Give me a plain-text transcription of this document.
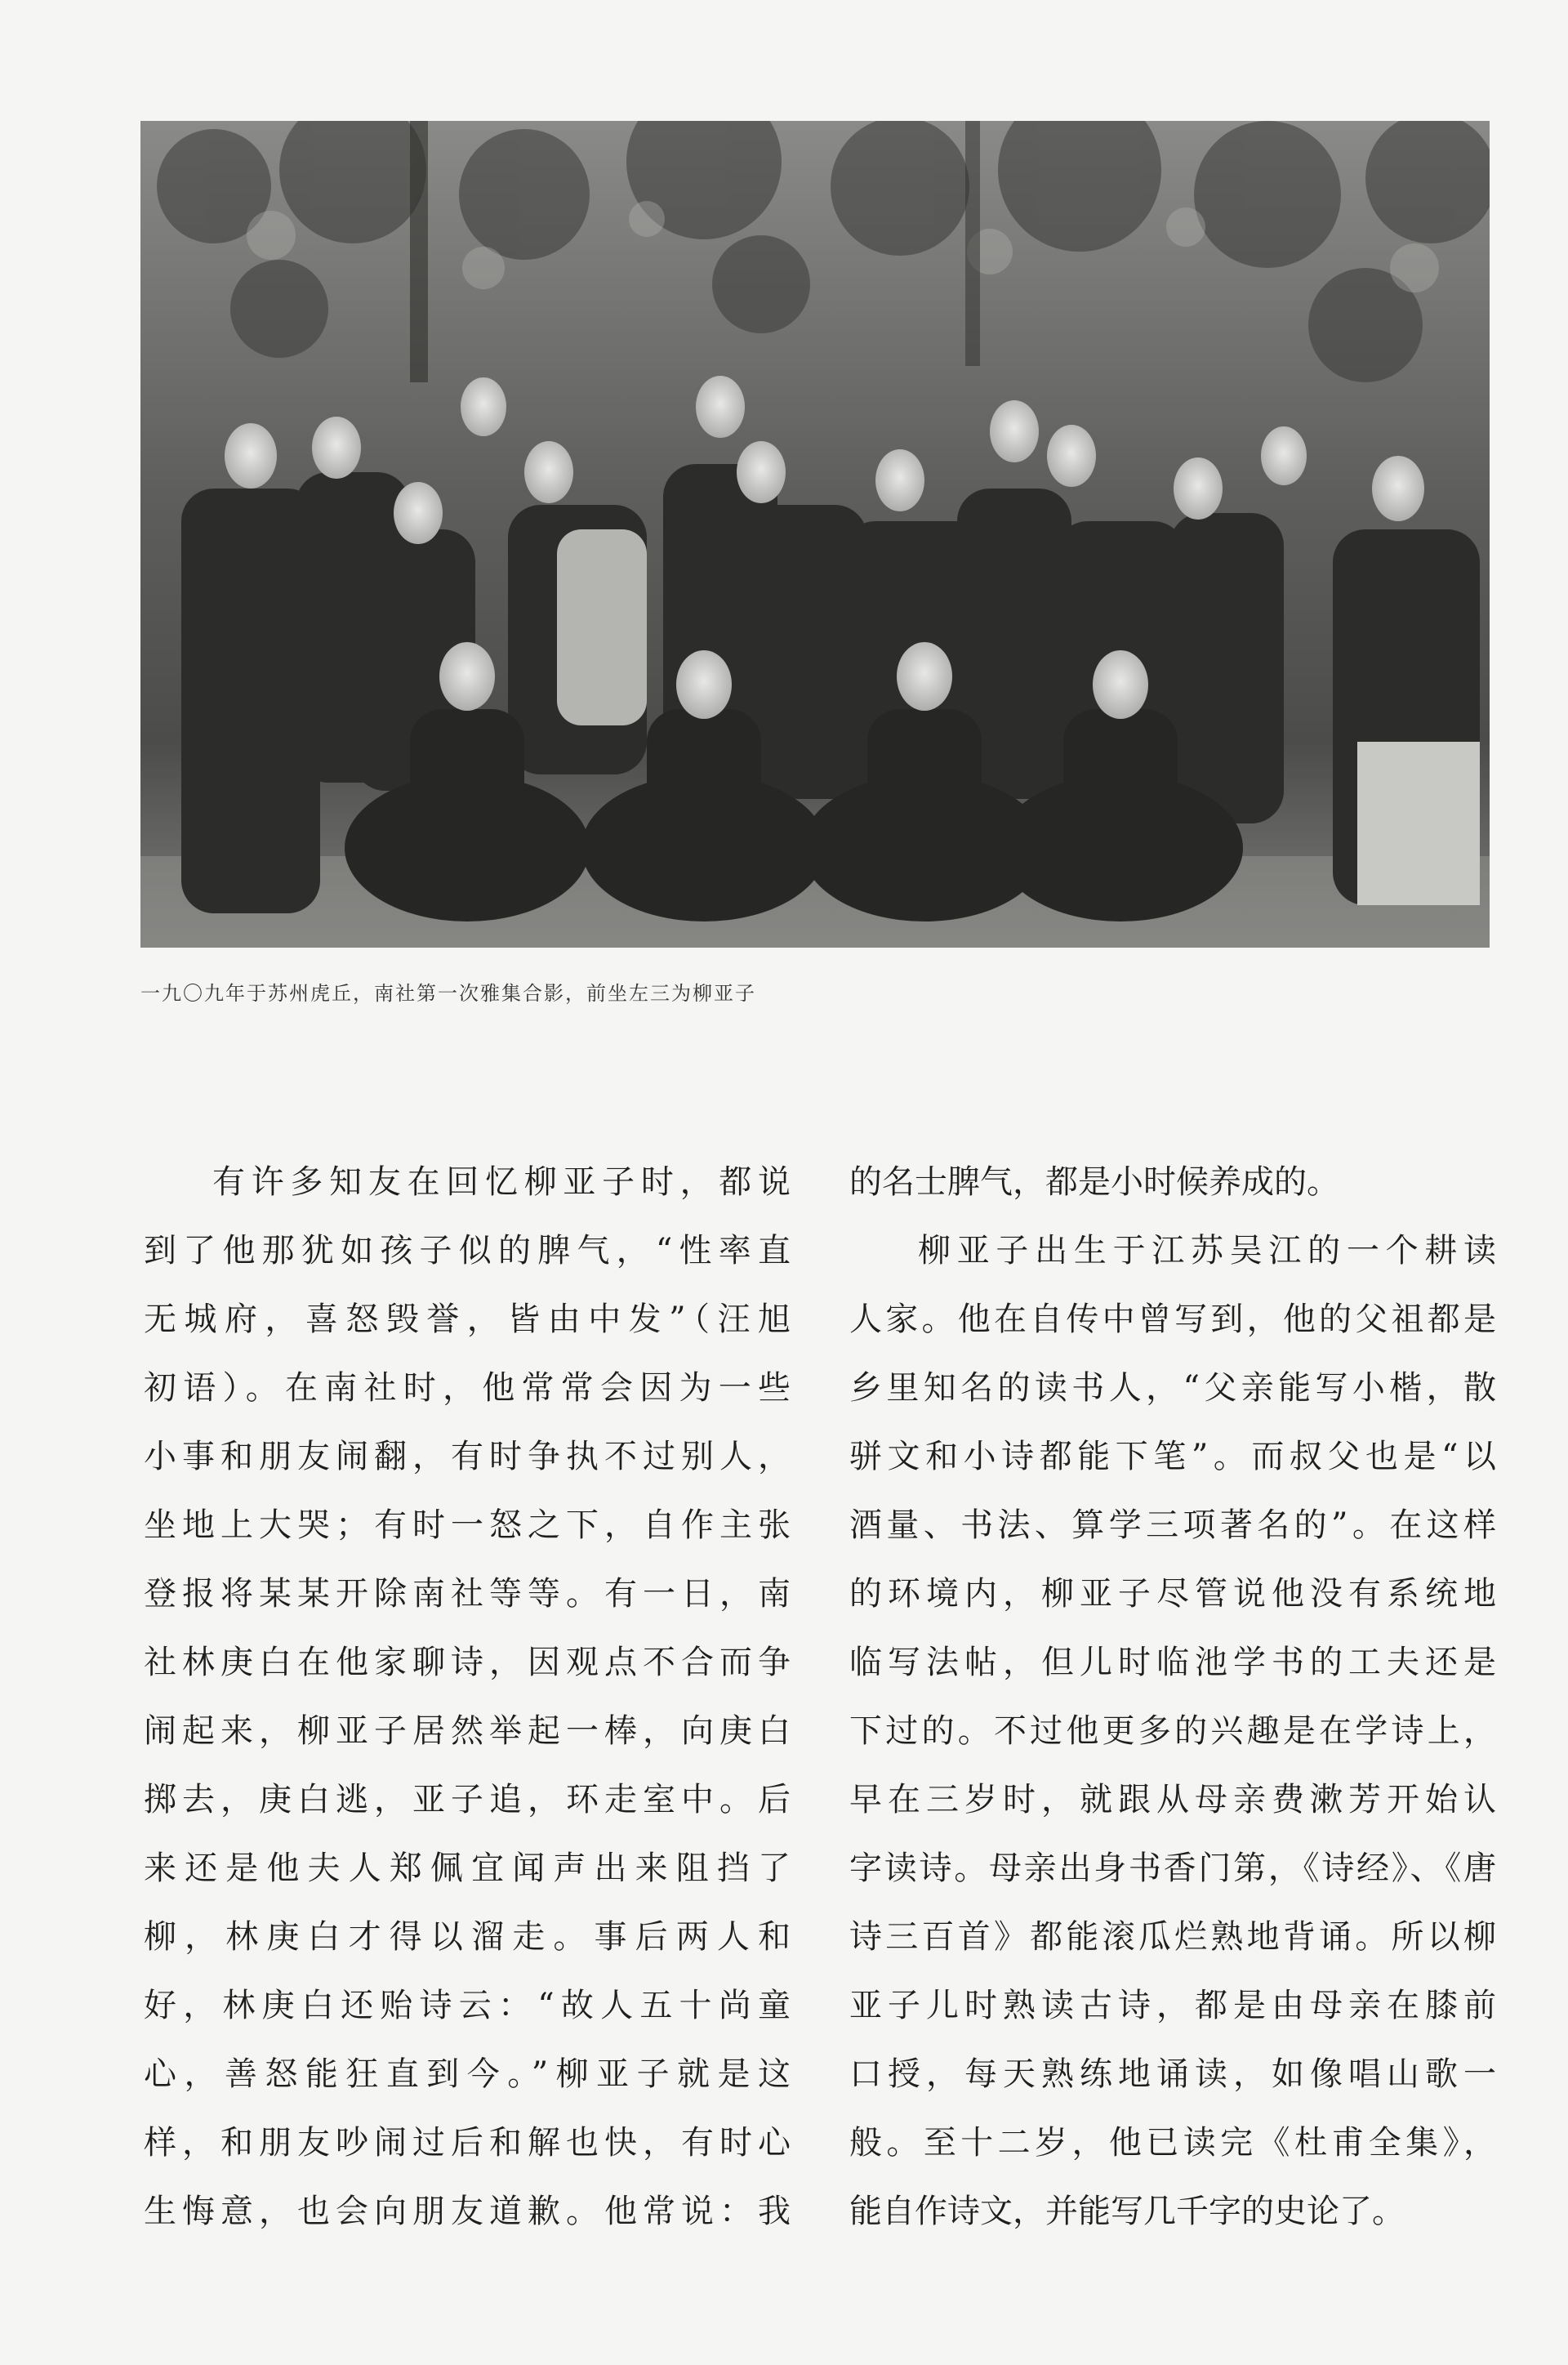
一九〇九年于苏州虎丘，南社第一次雅集合影，前坐左三为柳亚子
有许多知友在回忆柳亚子时，都说
到了他那犹如孩子似的脾气，“性率直
无城府，喜怒毁誉，皆由中发”（汪旭
初语）。在南社时，他常常会因为一些
小事和朋友闹翻，有时争执不过别人，
坐地上大哭；有时一怒之下，自作主张
登报将某某开除南社等等。有一日，南
社林庚白在他家聊诗，因观点不合而争
闹起来，柳亚子居然举起一棒，向庚白
掷去，庚白逃，亚子追，环走室中。后
来还是他夫人郑佩宜闻声出来阻挡了
柳，林庚白才得以溜走。事后两人和
好，林庚白还贻诗云：“故人五十尚童
心，善怒能狂直到今。”柳亚子就是这
样，和朋友吵闹过后和解也快，有时心
生悔意，也会向朋友道歉。他常说：我
的名士脾气，都是小时候养成的。
柳亚子出生于江苏吴江的一个耕读
人家。他在自传中曾写到，他的父祖都是
乡里知名的读书人，“父亲能写小楷，散
骈文和小诗都能下笔”。而叔父也是“以
酒量、书法、算学三项著名的”。在这样
的环境内，柳亚子尽管说他没有系统地
临写法帖，但儿时临池学书的工夫还是
下过的。不过他更多的兴趣是在学诗上，
早在三岁时，就跟从母亲费漱芳开始认
字读诗。母亲出身书香门第，《诗经》、《唐
诗三百首》都能滚瓜烂熟地背诵。所以柳
亚子儿时熟读古诗，都是由母亲在膝前
口授，每天熟练地诵读，如像唱山歌一
般。至十二岁，他已读完《杜甫全集》，
能自作诗文，并能写几千字的史论了。
